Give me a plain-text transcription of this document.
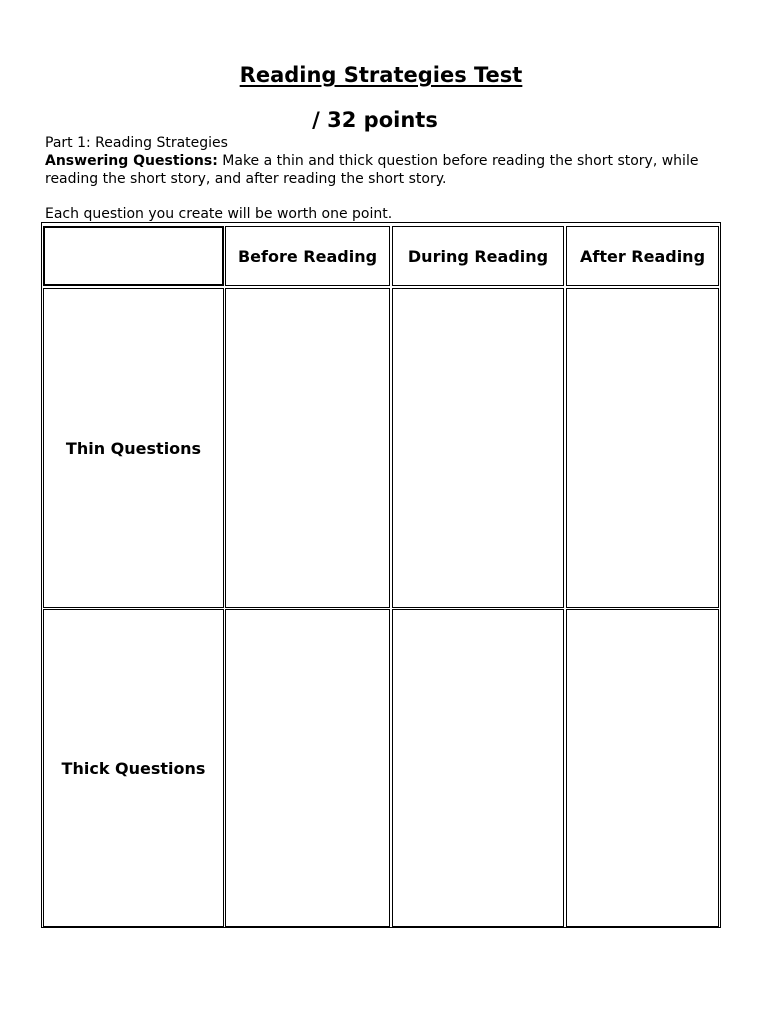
Reading Strategies Test
/ 32 points

Part 1: Reading Strategies

Answering Questions: Make a thin and thick question before reading the short story, while reading the short story, and after reading the short story.

Each question you create will be worth one point.

Before Reading	During Reading	After Reading
Thin Questions
Thick Questions
